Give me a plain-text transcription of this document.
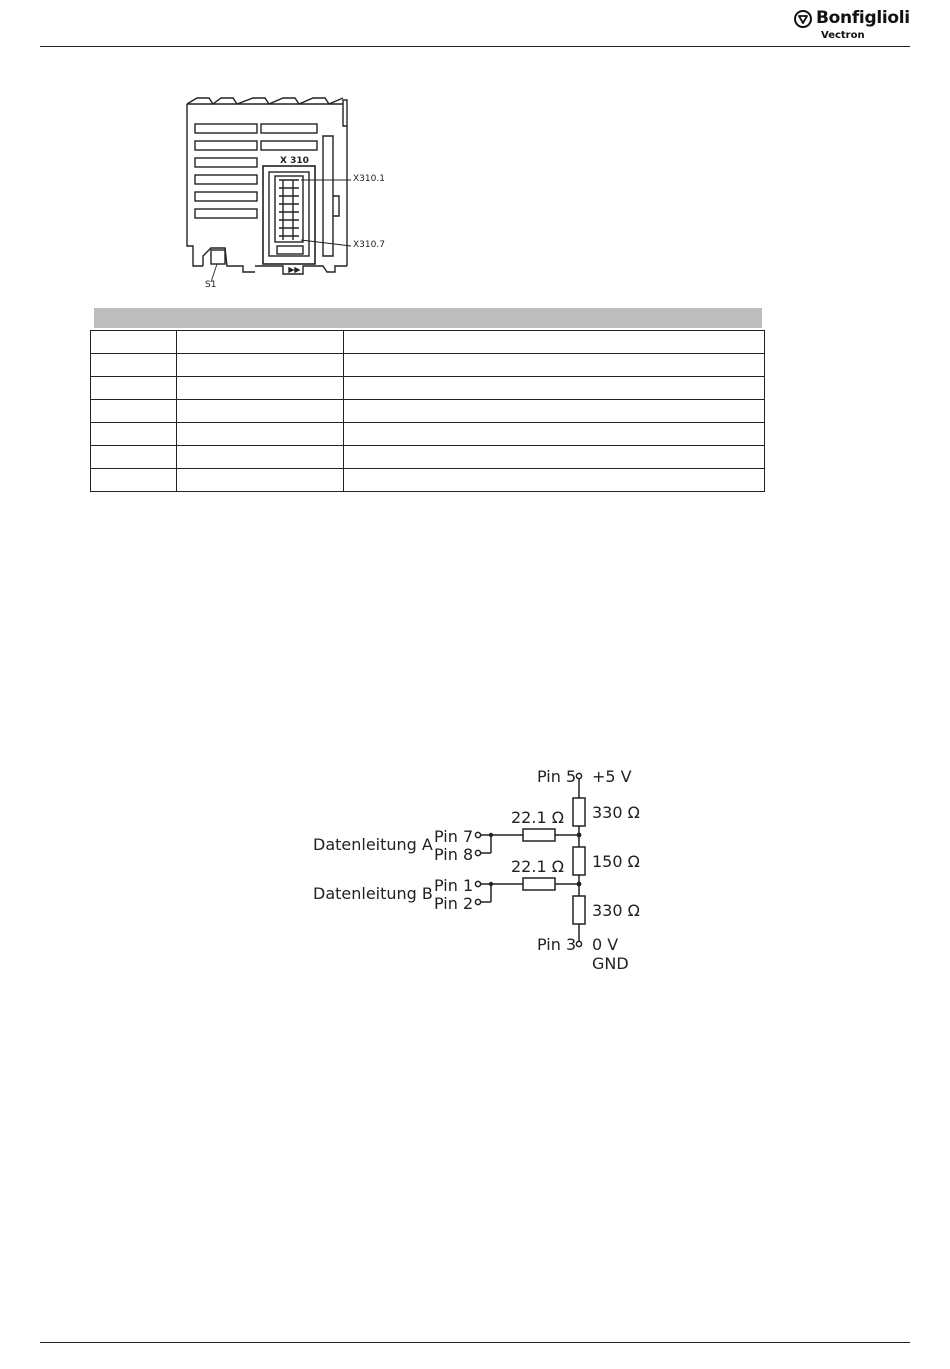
Bonfiglioli
Vectron
X 310
X310.1
X310.7
S1

Pin 5 +5 V
330 Ω
150 Ω
330 Ω
22.1 Ω
22.1 Ω
Datenleitung A
Datenleitung B
Pin 7
Pin 8
Pin 1
Pin 2
Pin 3 0 V
GND
